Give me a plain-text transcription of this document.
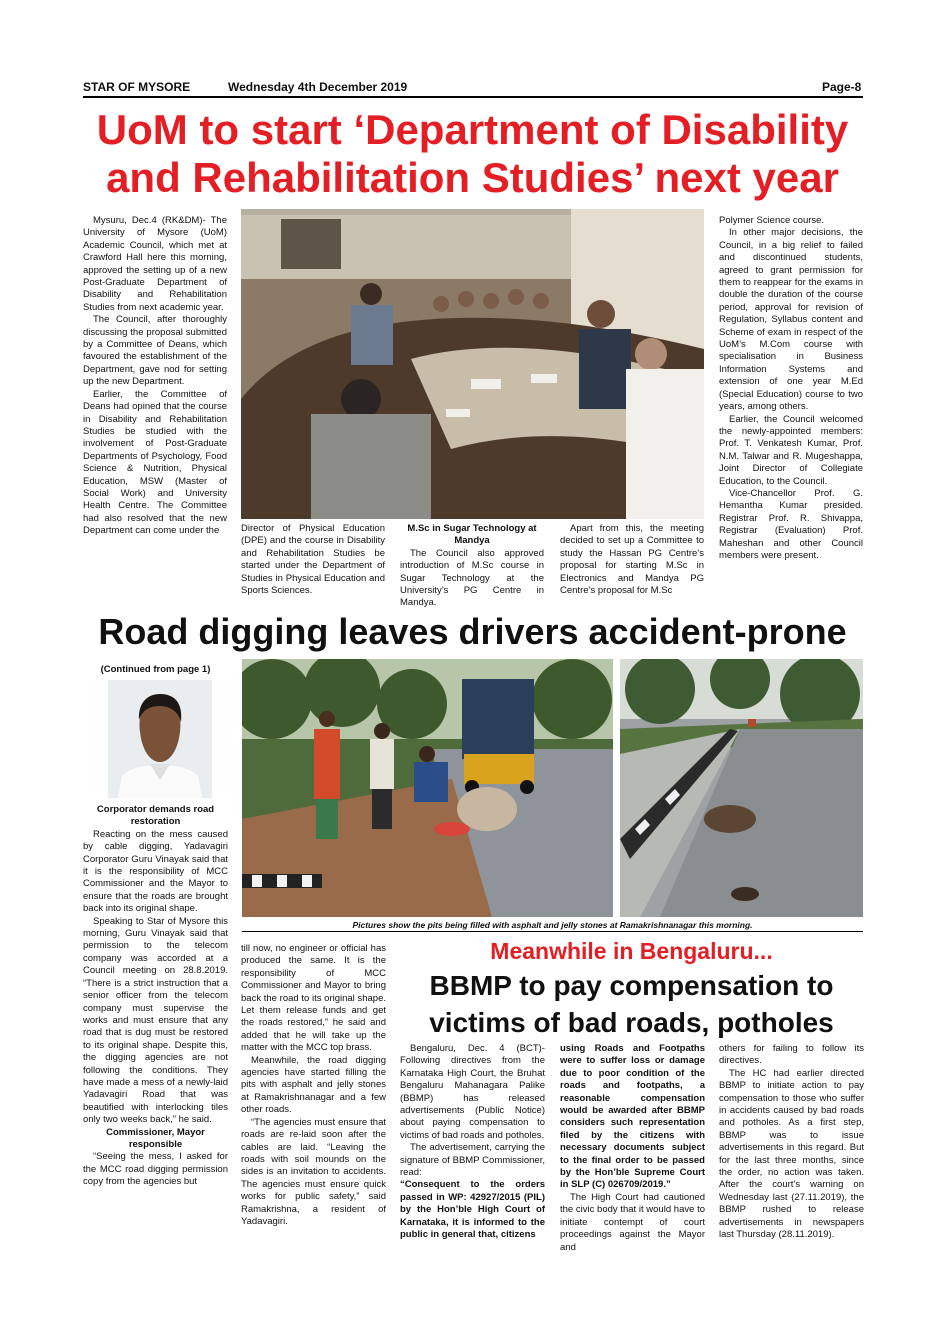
STAR OF MYSORE	Wednesday 4th December 2019	Page-8
UoM to start ‘Department of Disability
and Rehabilitation Studies’ next year

Mysuru, Dec.4 (RK&DM)- The University of Mysore (UoM) Academic Council, which met at Crawford Hall here this morning, approved the setting up of a new Post-Graduate Department of Disability and Rehabilitation Studies from next academic year.

The Council, after thoroughly discussing the proposal submitted by a Committee of Deans, which favoured the establishment of the Department, gave nod for setting up the new Department.

Earlier, the Committee of Deans had opined that the course in Disability and Rehabilitation Studies be studied with the involvement of Post-Graduate Departments of Psychology, Food Science & Nutrition, Physical Education, MSW (Master of Social Work) and University Health Centre. The Committee had also resolved that the new Department can come under the	Director of Physical Education (DPE) and the course in Disability and Rehabilitation Studies be started under the Department of Studies in Physical Education and Sports Sciences.

M.Sc in Sugar Technology at Mandya

The Council also approved introduction of M.Sc course in Sugar Technology at the University’s PG Centre in Mandya.

Apart from this, the meeting decided to set up a Committee to study the Hassan PG Centre’s proposal for starting M.Sc in Electronics and Mandya PG Centre’s proposal for M.Sc

Polymer Science course.

In other major decisions, the Council, in a big relief to failed and discontinued students, agreed to grant permission for them to reappear for the exams in double the duration of the course period, approval for revision of Regulation, Syllabus content and Scheme of exam in respect of the UoM’s M.Com course with specialisation in Business Information Systems and extension of one year M.Ed (Special Education) course to two years, among others.

Earlier, the Council welcomed the newly-appointed members: Prof. T. Venkatesh Kumar, Prof. N.M. Talwar and R. Mugeshappa, Joint Director of Collegiate Education, to the Council.

Vice-Chancellor Prof. G. Hemantha Kumar presided. Registrar Prof. R. Shivappa, Registrar (Evaluation) Prof. Maheshan and other Council members were present.

Road digging leaves drivers accident-prone
(Continued from page 1)

Corporator demands road restoration

Reacting on the mess caused by cable digging, Yadavagiri Corporator Guru Vinayak said that it is the responsibility of MCC Commissioner and the Mayor to ensure that the roads are brought back into its original shape.

Speaking to Star of Mysore this morning, Guru Vinayak said that permission to the telecom company was accorded at a Council meeting on 28.8.2019. “There is a strict instruction that a senior officer from the telecom company must supervise the works and must ensure that any road that is dug must be restored to its original shape. Despite this, the digging agencies are not following the conditions. They have made a mess of a newly-laid Yadavagiri Road that was beautified with interlocking tiles only two weeks back,” he said.

Commissioner, Mayor responsible

“Seeing the mess, I asked for the MCC road digging permission copy from the agencies but

Pictures show the pits being filled with asphalt and jelly stones at Ramakrishnanagar this morning.

till now, no engineer or official has produced the same. It is the responsibility of MCC Commissioner and Mayor to bring back the road to its original shape. Let them release funds and get the roads restored,” he said and added that he will take up the matter with the MCC top brass.

Meanwhile, the road digging agencies have started filling the pits with asphalt and jelly stones at Ramakrishnanagar and a few other roads.

“The agencies must ensure that roads are re-laid soon after the cables are laid. “Leaving the roads with soil mounds on the sides is an invitation to accidents. The agencies must ensure quick works for public safety,” said Ramakrishna, a resident of Yadavagiri.

Meanwhile in Bengaluru...
BBMP to pay compensation to
victims of bad roads, potholes

Bengaluru, Dec. 4 (BCT)- Following directives from the Karnataka High Court, the Bruhat Bengaluru Mahanagara Palike (BBMP) has released advertisements (Public Notice) about paying compensation to victims of bad roads and potholes.

The advertisement, carrying the signature of BBMP Commissioner, read:

“Consequent to the orders passed in WP: 42927/2015 (PIL) by the Hon’ble High Court of Karnataka, it is informed to the public in general that, citizens

using Roads and Footpaths were to suffer loss or damage due to poor condition of the roads and footpaths, a reasonable compensation would be awarded after BBMP considers such representation filed by the citizens with necessary documents subject to the final order to be passed by the Hon’ble Supreme Court in SLP (C) 026709/2019.”

The High Court had cautioned the civic body that it would have to initiate contempt of court proceedings against the Mayor and

others for failing to follow its directives.

The HC had earlier directed BBMP to initiate action to pay compensation to those who suffer in accidents caused by bad roads and potholes. As a first step, BBMP was to issue advertisements in this regard. But for the last three months, since the order, no action was taken. After the court’s warning on Wednesday last (27.11.2019), the BBMP rushed to release advertisements in newspapers last Thursday (28.11.2019).
